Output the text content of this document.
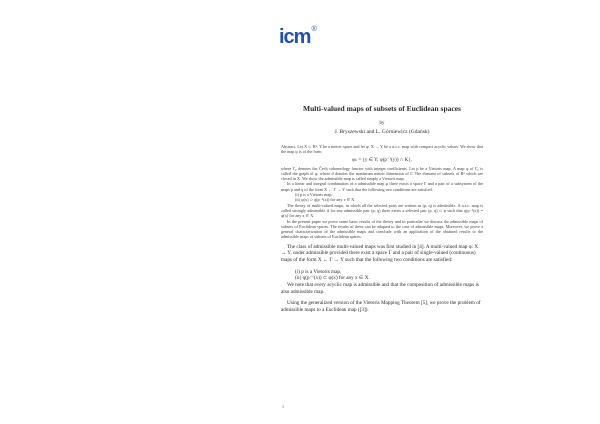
icm ®

Multi-valued maps of subsets of Euclidean spaces

by
J. Bryszewski and L. Górniewicz (Gdańsk)

Abstract. Let X ⊂ Rⁿ, Y be a metric space and let φ: X → Y be a u.s.c. map with compact acyclic values. We show that the map φ is of the form

φₖ = {y ∈ Y; φ(p⁻¹(y)) ∩ K},

where Γᵩ denotes the Čech cohomology functor with integer coefficients. Let p be a Vietoris map. A map φ of Γᵩ is called the graph of φ, where d denotes the maximum metric dimension of Γ. The element of subsets of Rⁿ which are closed in X. We show the admissible map is called simply a Vietoris map.

In a linear and integral combination of a admissible map φ there exists a space Γ and a pair of a subsystem of the maps p and q of the form X ← Γ → Y such that the following two conditions are satisfied:

(i) p is a Vietoris map,

(ii) φ(x) ⊃ q(p⁻¹(x)) for any x ∈ X.

The theory of multi-valued maps, in which all the selected pairs are written as (p, q) is admissible. A u.s.c. map is called strongly admissible if for any admissible pair (p, q) there exists a selected pair (p, q) ⊂ φ such that q(p⁻¹(x)) = φ(x) for any x ∈ X.

In the present paper we prove some basic results of the theory and in particular we discuss the admissible maps of subsets of Euclidean spaces. The results of these can be adapted to the case of admissible maps. Moreover, we prove a general characterization of the admissible maps and conclude with an application of the obtained results to the admissible maps of subsets of Euclidean spaces.

The class of admissible multi-valued maps was first studied in [4]. A multi-valued map φ: X → Y, under admissible provided there exist a space Γ and a pair of single-valued (continuous) maps of the form X ← Γ → Y such that the following two conditions are satisfied:

(i) p is a Vietoris map,

(ii) q(p⁻¹(x)) ⊂ φ(x) for any x ∈ X.

We note that every acyclic map is admissible and that the composition of admissible maps is also admissible map.

Using the generalized version of the Vietoris Mapping Theorem [5], we prove the problem of admissible maps to a Euclidean map ([3]).

1
